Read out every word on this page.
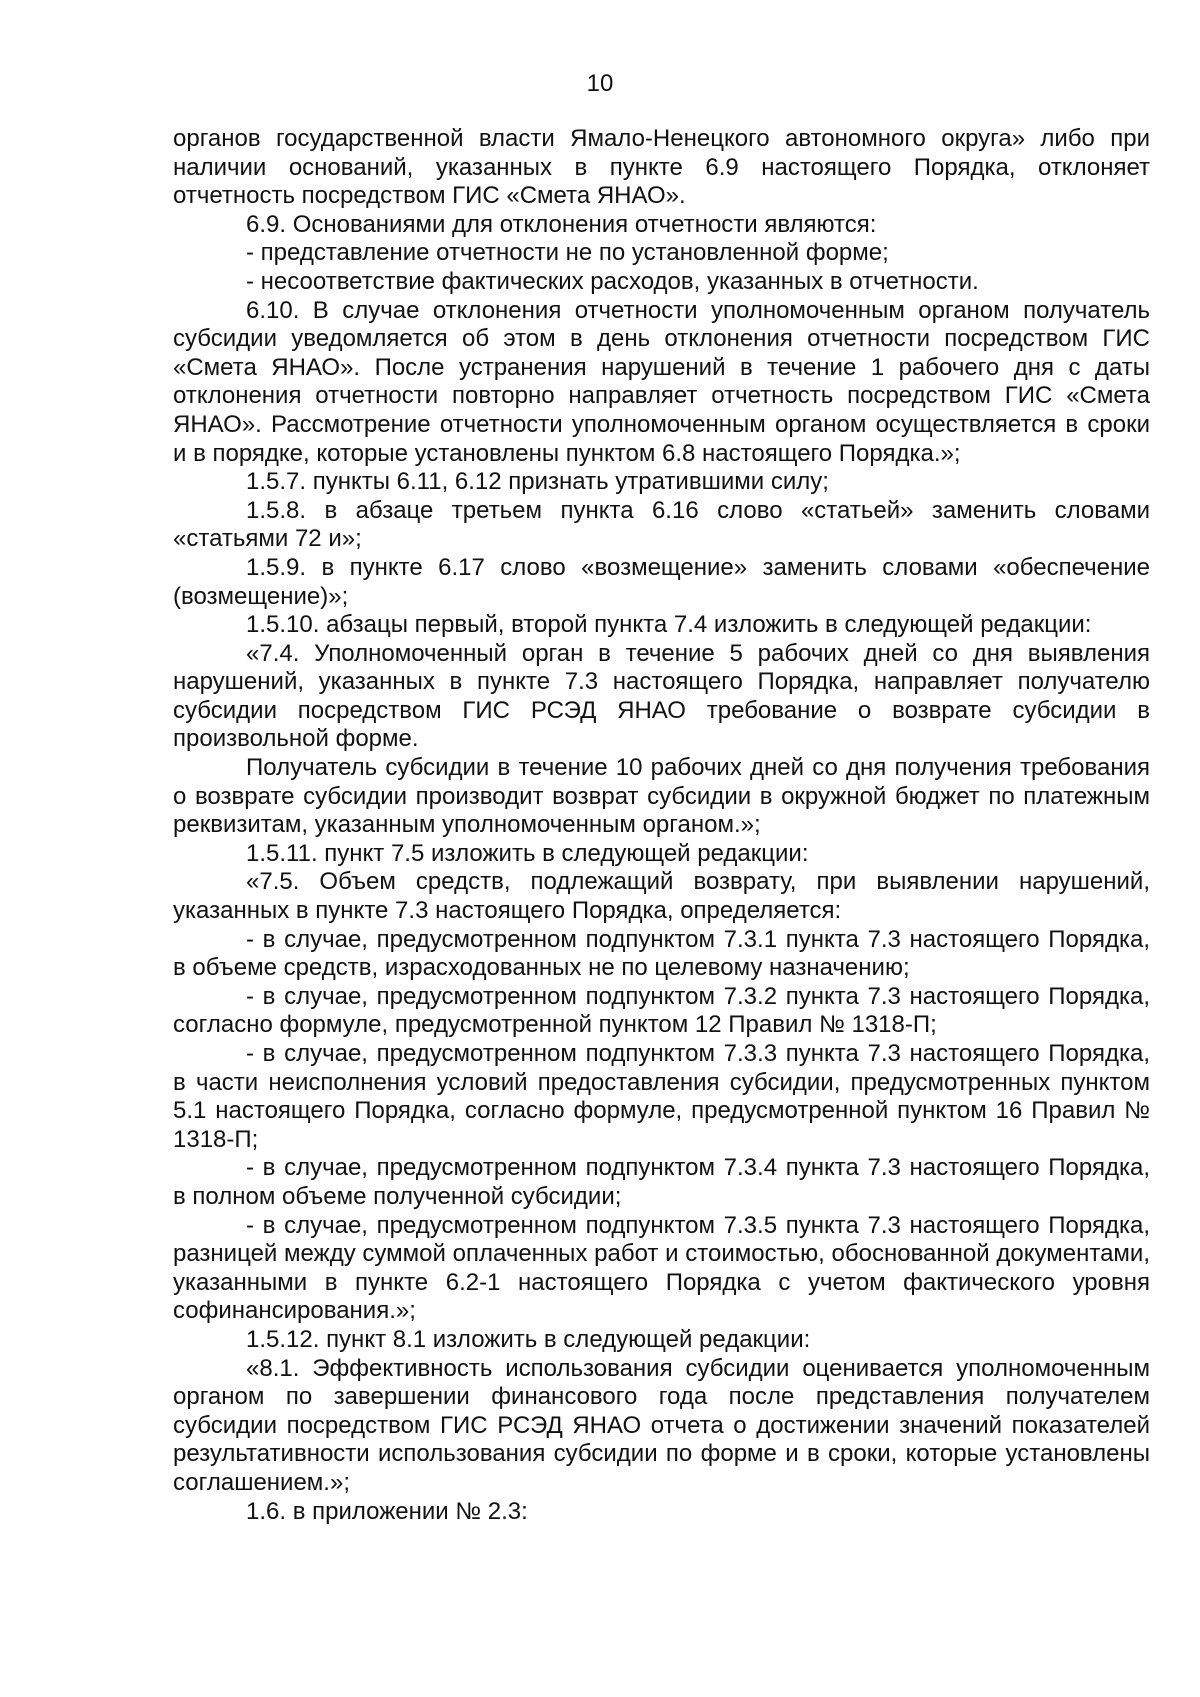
10

органов государственной власти Ямало-Ненецкого автономного округа» либо при наличии оснований, указанных в пункте 6.9 настоящего Порядка, отклоняет отчетность посредством ГИС «Смета ЯНАО».

6.9. Основаниями для отклонения отчетности являются:

- представление отчетности не по установленной форме;

- несоответствие фактических расходов, указанных в отчетности.

6.10. В случае отклонения отчетности уполномоченным органом получатель субсидии уведомляется об этом в день отклонения отчетности посредством ГИС «Смета ЯНАО». После устранения нарушений в течение 1 рабочего дня с даты отклонения отчетности повторно направляет отчетность посредством ГИС «Смета ЯНАО». Рассмотрение отчетности уполномоченным органом осуществляется в сроки и в порядке, которые установлены пунктом 6.8 настоящего Порядка.»;

1.5.7. пункты 6.11, 6.12 признать утратившими силу;

1.5.8. в абзаце третьем пункта 6.16 слово «статьей» заменить словами «статьями 72 и»;

1.5.9. в пункте 6.17 слово «возмещение» заменить словами «обеспечение (возмещение)»;

1.5.10. абзацы первый, второй пункта 7.4 изложить в следующей редакции:

«7.4. Уполномоченный орган в течение 5 рабочих дней со дня выявления нарушений, указанных в пункте 7.3 настоящего Порядка, направляет получателю субсидии посредством ГИС РСЭД ЯНАО требование о возврате субсидии в произвольной форме.

Получатель субсидии в течение 10 рабочих дней со дня получения требования о возврате субсидии производит возврат субсидии в окружной бюджет по платежным реквизитам, указанным уполномоченным органом.»;

1.5.11. пункт 7.5 изложить в следующей редакции:

«7.5. Объем средств, подлежащий возврату, при выявлении нарушений, указанных в пункте 7.3 настоящего Порядка, определяется:

- в случае, предусмотренном подпунктом 7.3.1 пункта 7.3 настоящего Порядка, в объеме средств, израсходованных не по целевому назначению;

- в случае, предусмотренном подпунктом 7.3.2 пункта 7.3 настоящего Порядка, согласно формуле, предусмотренной пунктом 12 Правил № 1318-П;

- в случае, предусмотренном подпунктом 7.3.3 пункта 7.3 настоящего Порядка, в части неисполнения условий предоставления субсидии, предусмотренных пунктом 5.1 настоящего Порядка, согласно формуле, предусмотренной пунктом 16 Правил № 1318-П;

- в случае, предусмотренном подпунктом 7.3.4 пункта 7.3 настоящего Порядка, в полном объеме полученной субсидии;

- в случае, предусмотренном подпунктом 7.3.5 пункта 7.3 настоящего Порядка, разницей между суммой оплаченных работ и стоимостью, обоснованной документами, указанными в пункте 6.2-1 настоящего Порядка с учетом фактического уровня софинансирования.»;

1.5.12. пункт 8.1 изложить в следующей редакции:

«8.1. Эффективность использования субсидии оценивается уполномоченным органом по завершении финансового года после представления получателем субсидии посредством ГИС РСЭД ЯНАО отчета о достижении значений показателей результативности использования субсидии по форме и в сроки, которые установлены соглашением.»;

1.6. в приложении № 2.3:
